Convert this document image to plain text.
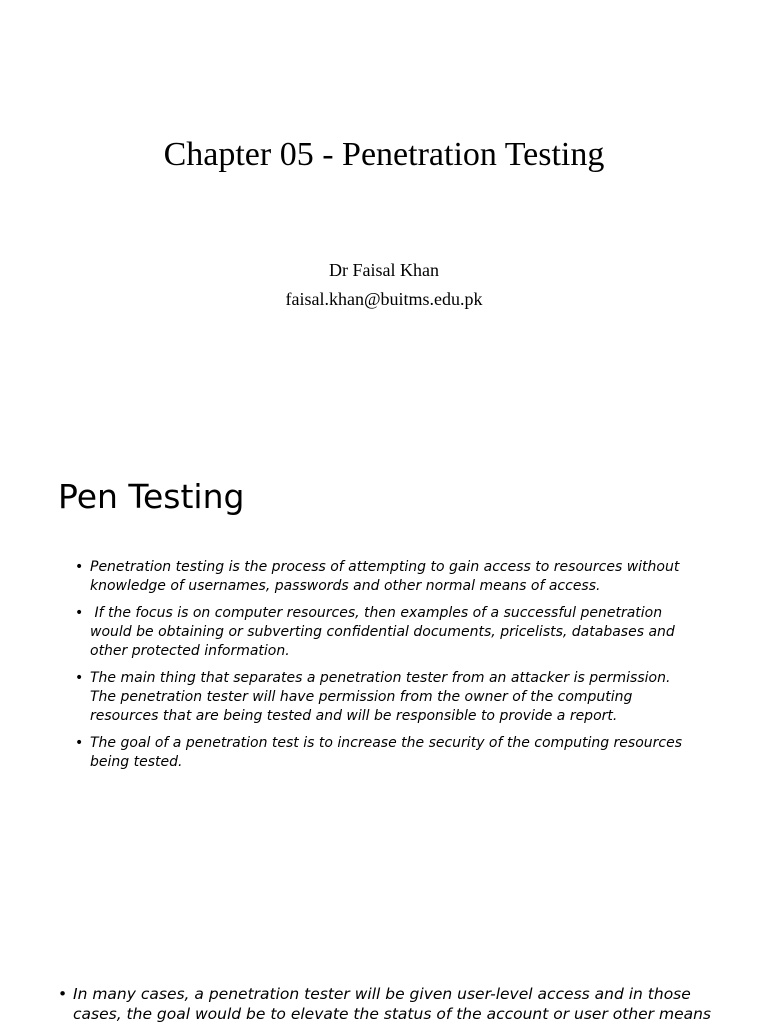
Chapter 05 - Penetration Testing
Dr Faisal Khan
faisal.khan@buitms.edu.pk
Pen Testing
• Penetration testing is the process of attempting to gain access to resources without knowledge of usernames, passwords and other normal means of access.
• If the focus is on computer resources, then examples of a successful penetration would be obtaining or subverting confidential documents, pricelists, databases and other protected information.
• The main thing that separates a penetration tester from an attacker is permission. The penetration tester will have permission from the owner of the computing resources that are being tested and will be responsible to provide a report.
• The goal of a penetration test is to increase the security of the computing resources being tested.
• In many cases, a penetration tester will be given user-level access and in those cases, the goal would be to elevate the status of the account or user other means
